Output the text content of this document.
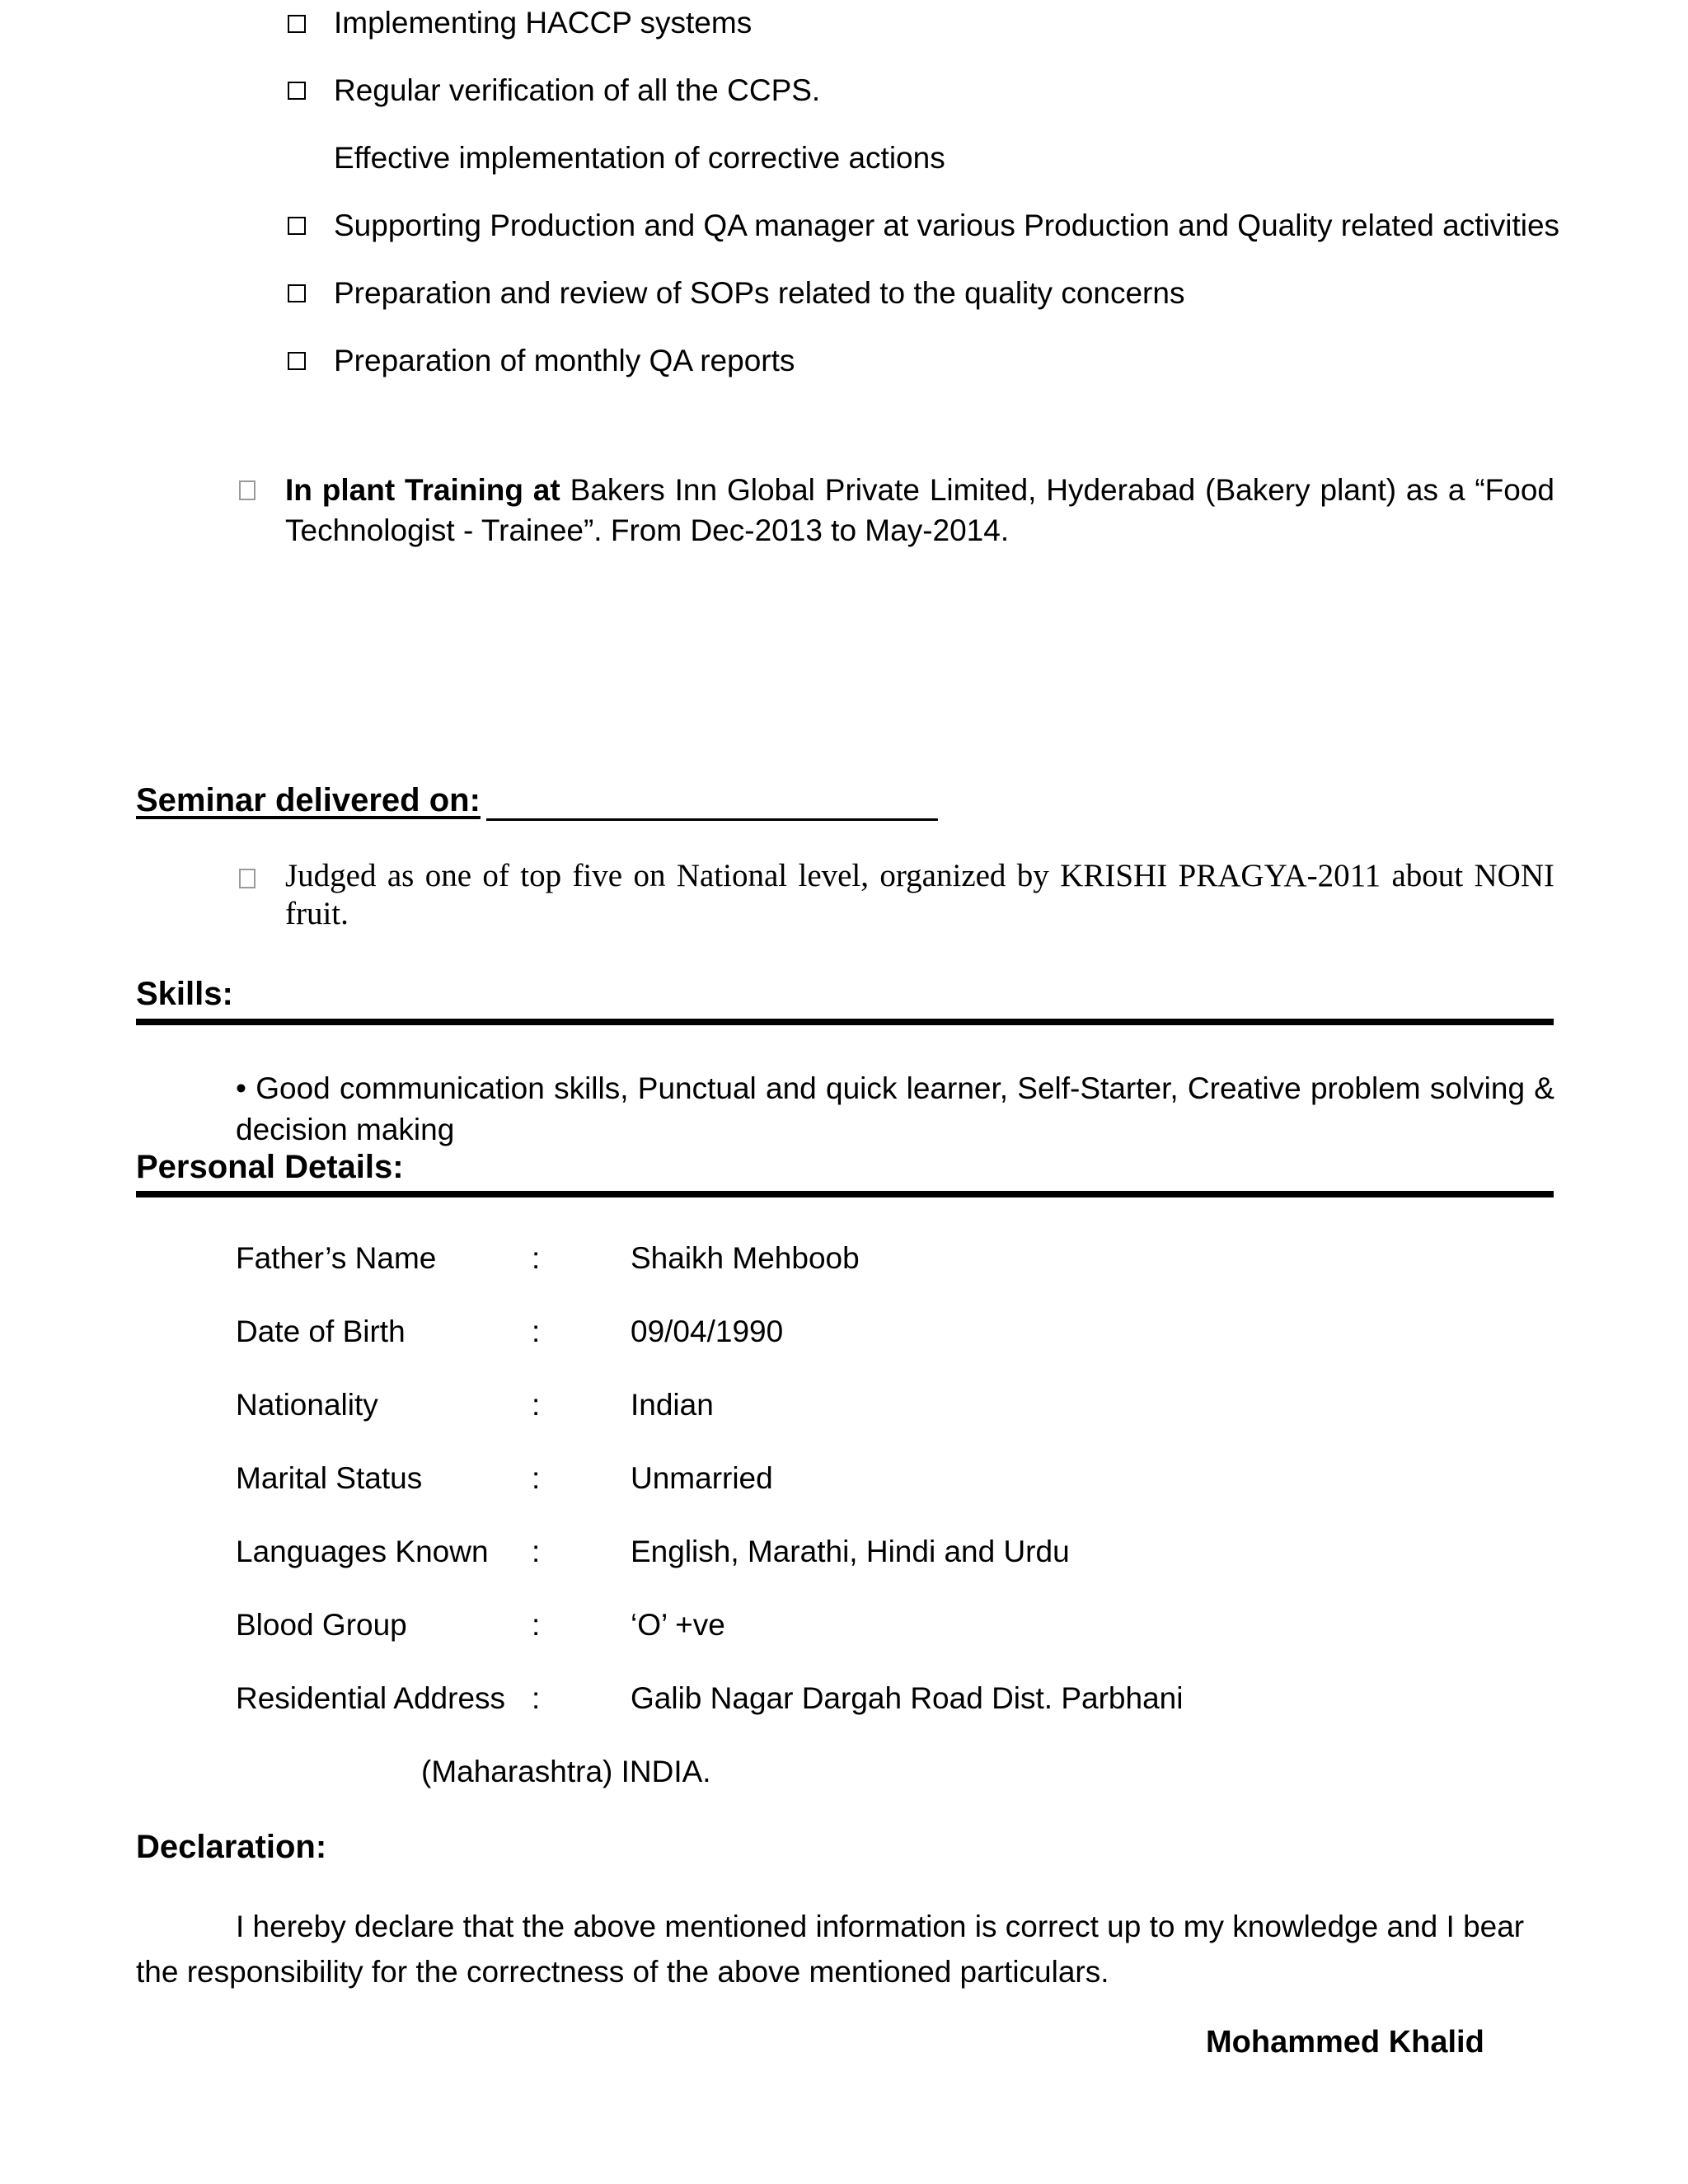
Implementing HACCP systems
Regular verification of all the CCPS.
Effective implementation of corrective actions
Supporting Production and QA manager at various Production and Quality related activities
Preparation and review of SOPs related to the quality concerns
Preparation of monthly QA reports
In plant Training at Bakers Inn Global Private Limited, Hyderabad (Bakery plant) as a “Food Technologist - Trainee”. From Dec-2013 to May-2014.
Seminar delivered on:
Judged as one of top five on National level, organized by KRISHI PRAGYA-2011 about NONI fruit.
Skills:
• Good communication skills, Punctual and quick learner, Self-Starter, Creative problem solving & decision making
Personal Details:
Father’s Name	:	Shaikh Mehboob
Date of Birth	:	09/04/1990
Nationality	:	Indian
Marital Status	:	Unmarried
Languages Known :	English, Marathi, Hindi and Urdu
Blood Group	:	‘O’ +ve
Residential Address :	Galib Nagar Dargah Road Dist. Parbhani
(Maharashtra) INDIA.
Declaration:
I hereby declare that the above mentioned information is correct up to my knowledge and I bear the responsibility for the correctness of the above mentioned particulars.
Mohammed Khalid
